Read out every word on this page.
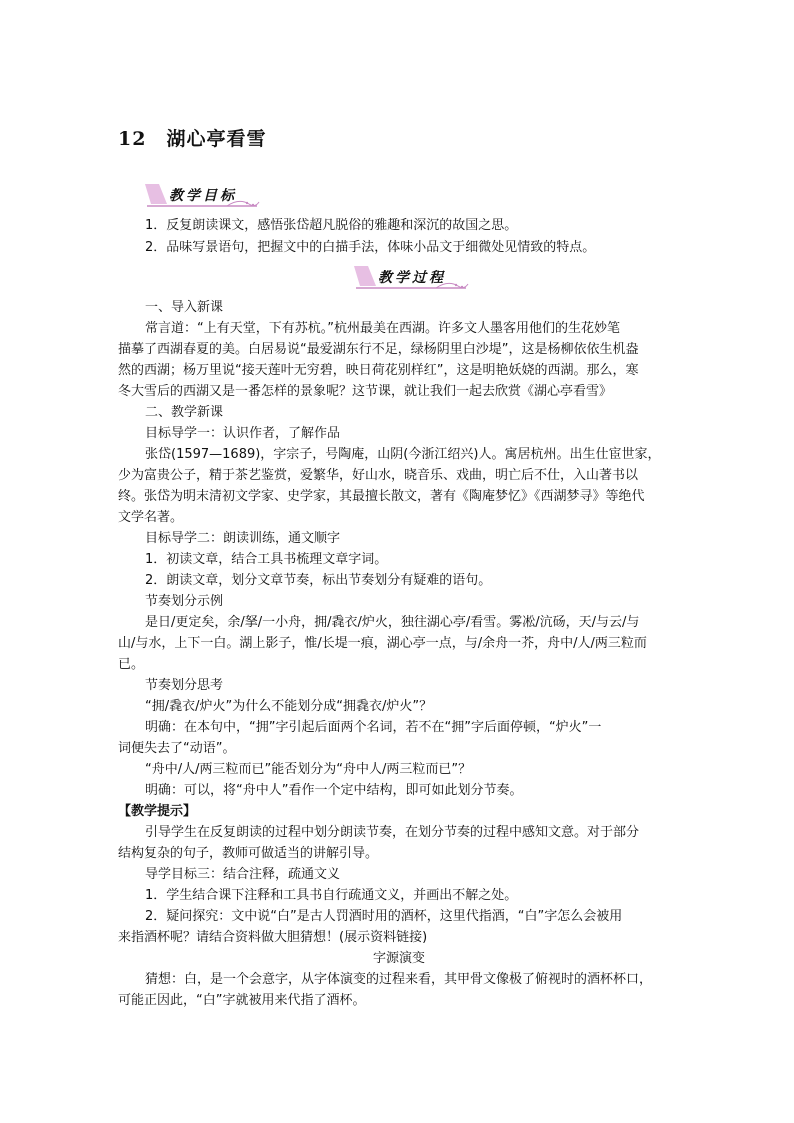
12 湖心亭看雪
教学目标
教学过程
1．反复朗读课文，感悟张岱超凡脱俗的雅趣和深沉的故国之思。
2．品味写景语句，把握文中的白描手法，体味小品文于细微处见情致的特点。
一、导入新课
常言道：“上有天堂，下有苏杭。”杭州最美在西湖。许多文人墨客用他们的生花妙笔
描摹了西湖春夏的美。白居易说“最爱湖东行不足，绿杨阴里白沙堤”，这是杨柳依依生机盎
然的西湖；杨万里说“接天莲叶无穷碧，映日荷花别样红”，这是明艳妖娆的西湖。那么，寒
冬大雪后的西湖又是一番怎样的景象呢？这节课，就让我们一起去欣赏《湖心亭看雪》
二、教学新课
目标导学一：认识作者，了解作品
张岱(1597—1689)，字宗子，号陶庵，山阴(今浙江绍兴)人。寓居杭州。出生仕宦世家，
少为富贵公子，精于茶艺鉴赏，爱繁华，好山水，晓音乐、戏曲，明亡后不仕，入山著书以
终。张岱为明末清初文学家、史学家，其最擅长散文，著有《陶庵梦忆》《西湖梦寻》等绝代
文学名著。
目标导学二：朗读训练，通文顺字
1．初读文章，结合工具书梳理文章字词。
2．朗读文章，划分文章节奏，标出节奏划分有疑难的语句。
节奏划分示例
是日/更定矣，余/拏/一小舟，拥/毳衣/炉火，独往湖心亭/看雪。雾凇/沆砀，天/与云/与
山/与水，上下一白。湖上影子，惟/长堤一痕，湖心亭一点，与/余舟一芥，舟中/人/两三粒而
已。
节奏划分思考
“拥/毳衣/炉火”为什么不能划分成“拥毳衣/炉火”？
明确：在本句中，“拥”字引起后面两个名词，若不在“拥”字后面停顿，“炉火”一
词便失去了“动语”。
“舟中/人/两三粒而已”能否划分为“舟中人/两三粒而已”？
明确：可以，将“舟中人”看作一个定中结构，即可如此划分节奏。
【教学提示】
引导学生在反复朗读的过程中划分朗读节奏，在划分节奏的过程中感知文意。对于部分
结构复杂的句子，教师可做适当的讲解引导。
导学目标三：结合注释，疏通文义
1．学生结合课下注释和工具书自行疏通文义，并画出不解之处。
2．疑问探究：文中说“白”是古人罚酒时用的酒杯，这里代指酒，“白”字怎么会被用
来指酒杯呢？请结合资料做大胆猜想！(展示资料链接)
字源演变
猜想：白，是一个会意字，从字体演变的过程来看，其甲骨文像极了俯视时的酒杯杯口，
可能正因此，“白”字就被用来代指了酒杯。
